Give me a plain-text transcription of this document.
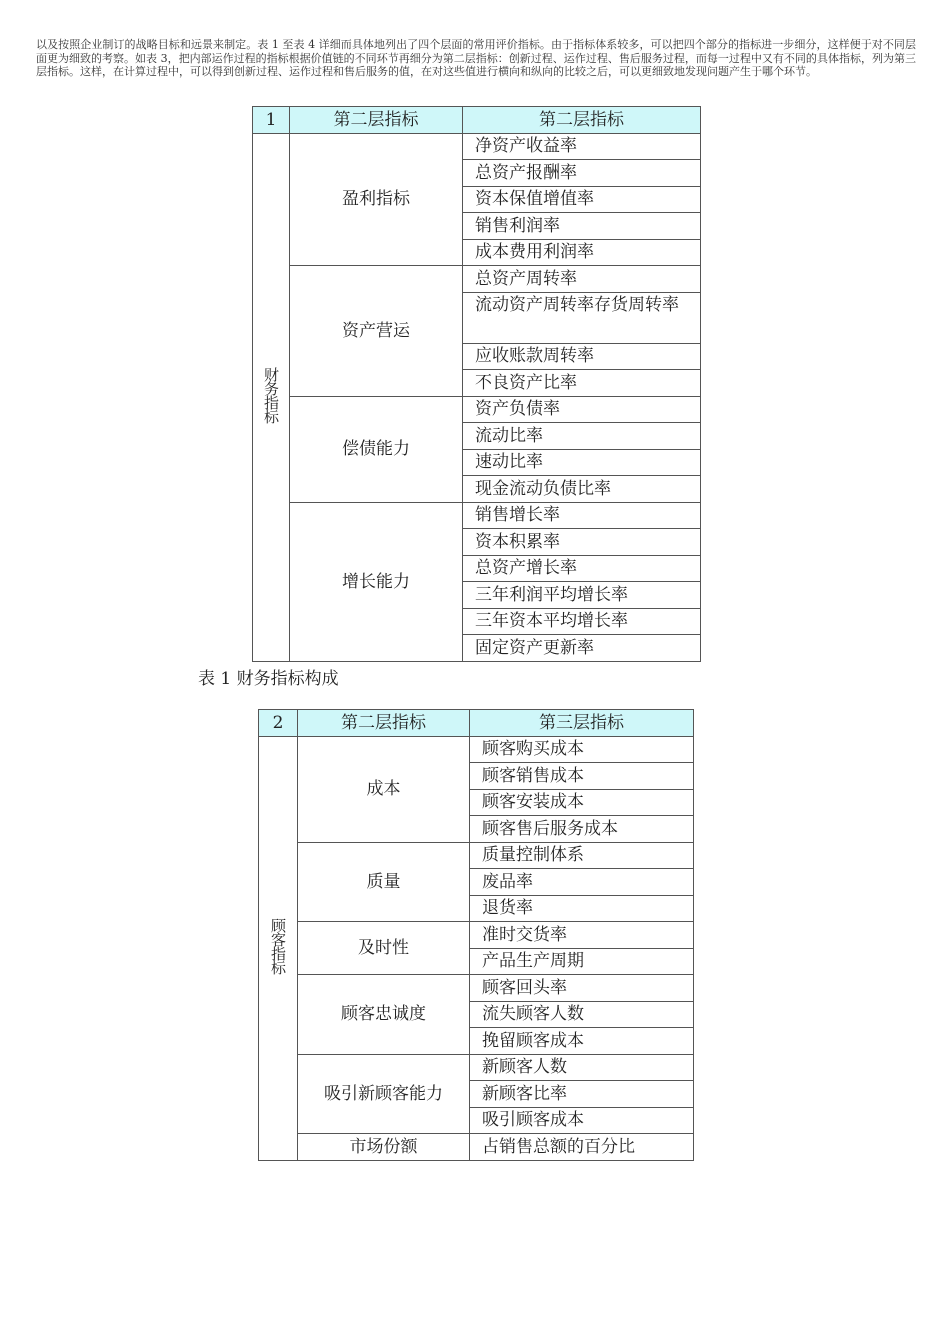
以及按照企业制订的战略目标和远景来制定。表 1 至表 4 详细而具体地列出了四个层面的常用评价指标。由于指标体系较多，可以把四个部分的指标进一步细分，这样便于对不同层面更为细致的考察。如表 3，把内部运作过程的指标根据价值链的不同环节再细分为第二层指标：创新过程、运作过程、售后服务过程，而每一过程中又有不同的具体指标，列为第三层指标。这样，在计算过程中，可以得到创新过程、运作过程和售后服务的值，在对这些值进行横向和纵向的比较之后，可以更细致地发现问题产生于哪个环节。
1	第二层指标	第二层指标
财务指标	盈利指标	净资产收益率
		总资产报酬率
		资本保值增值率
		销售利润率
		成本费用利润率
	资产营运	总资产周转率
		流动资产周转率存货周转率
		应收账款周转率
		不良资产比率
	偿债能力	资产负债率
		流动比率
		速动比率
		现金流动负债比率
	增长能力	销售增长率
		资本积累率
		总资产增长率
		三年利润平均增长率
		三年资本平均增长率
		固定资产更新率
表 1 财务指标构成
2	第二层指标	第三层指标
顾客指标	成本	顾客购买成本
		顾客销售成本
		顾客安装成本
		顾客售后服务成本
	质量	质量控制体系
		废品率
		退货率
	及时性	准时交货率
		产品生产周期
	顾客忠诚度	顾客回头率
		流失顾客人数
		挽留顾客成本
	吸引新顾客能力	新顾客人数
		新顾客比率
		吸引顾客成本
	市场份额	占销售总额的百分比
